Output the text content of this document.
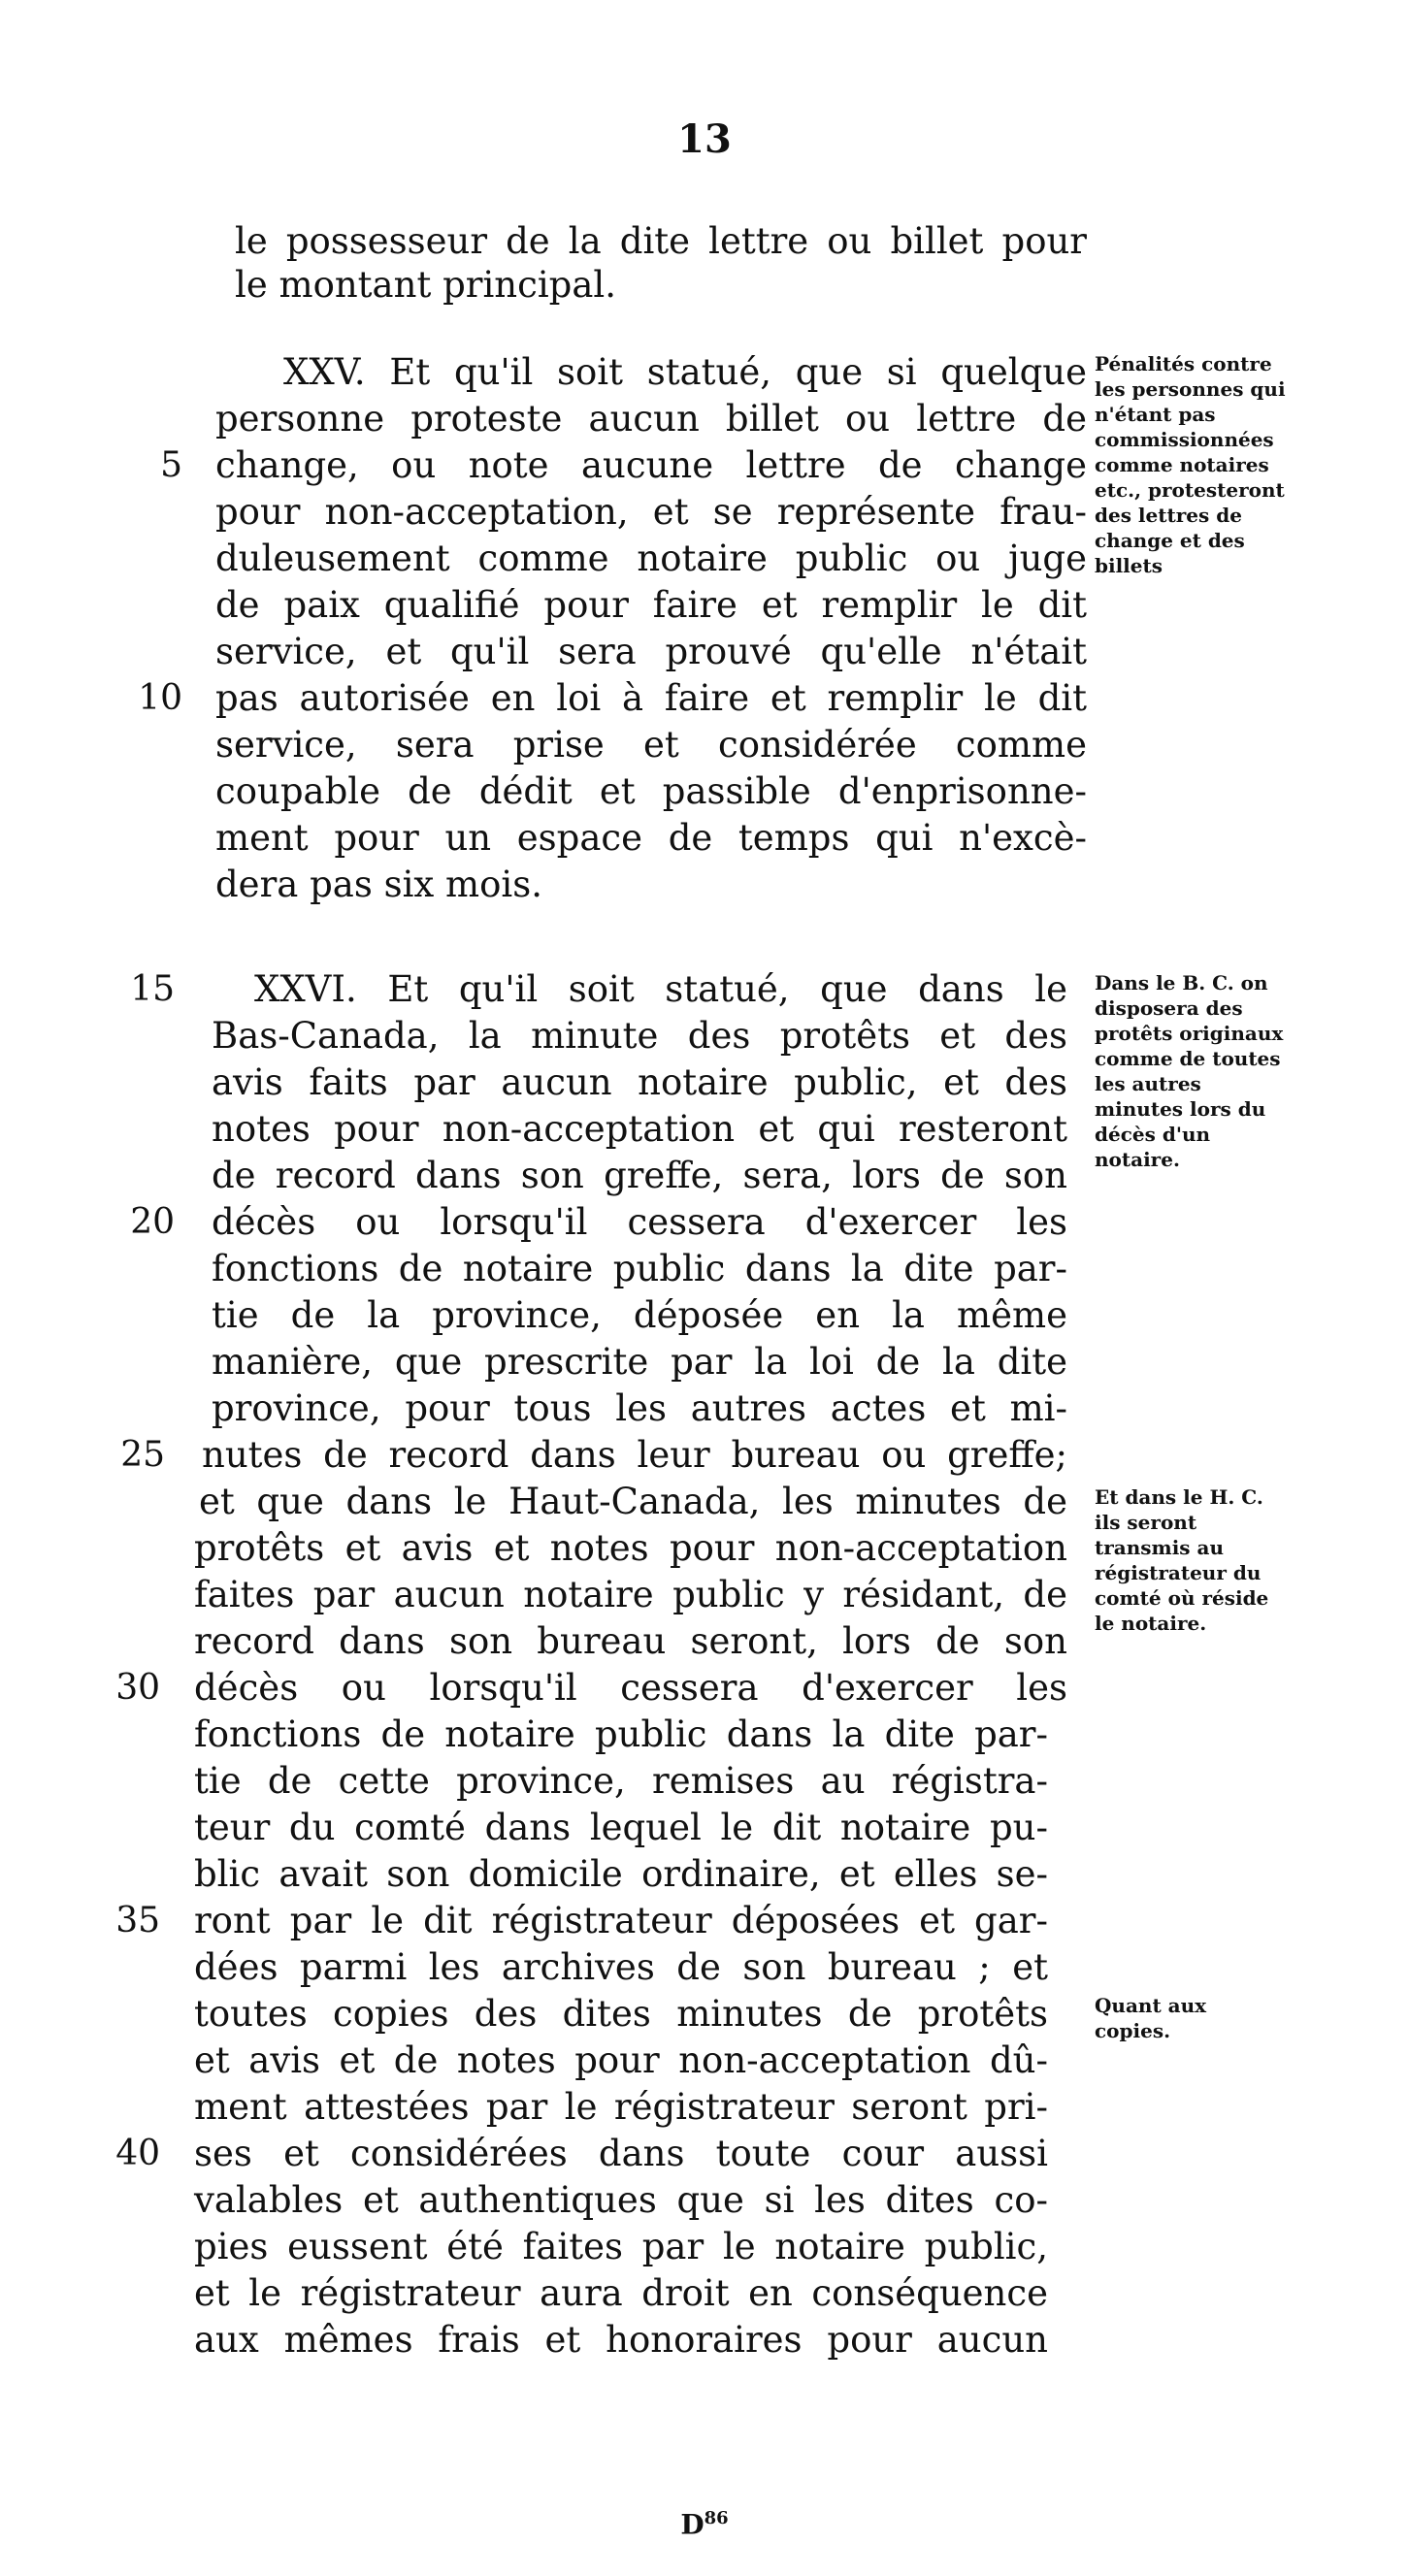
13
le possesseur de la dite lettre ou billet pour
le montant principal.
XXV. Et qu'il soit statué, que si quelque
personne proteste aucun billet ou lettre de
change, ou note aucune lettre de change
pour non-acceptation, et se représente frau-
duleusement comme notaire public ou juge
de paix qualifié pour faire et remplir le dit
service, et qu'il sera prouvé qu'elle n'était
pas autorisée en loi à faire et remplir le dit
service, sera prise et considérée comme
coupable de dédit et passible d'enprisonne-
ment pour un espace de temps qui n'excè-
dera pas six mois.
XXVI. Et qu'il soit statué, que dans le
Bas-Canada, la minute des protêts et des
avis faits par aucun notaire public, et des
notes pour non-acceptation et qui resteront
de record dans son greffe, sera, lors de son
décès ou lorsqu'il cessera d'exercer les
fonctions de notaire public dans la dite par-
tie de la province, déposée en la même
manière, que prescrite par la loi de la dite
province, pour tous les autres actes et mi-
nutes de record dans leur bureau ou greffe;
et que dans le Haut-Canada, les minutes de
protêts et avis et notes pour non-acceptation
faites par aucun notaire public y résidant, de
record dans son bureau seront, lors de son
décès ou lorsqu'il cessera d'exercer les
fonctions de notaire public dans la dite par-
tie de cette province, remises au régistra-
teur du comté dans lequel le dit notaire pu-
blic avait son domicile ordinaire, et elles se-
ront par le dit régistrateur déposées et gar-
dées parmi les archives de son bureau ; et
toutes copies des dites minutes de protêts
et avis et de notes pour non-acceptation dû-
ment attestées par le régistrateur seront pri-
ses et considérées dans toute cour aussi
valables et authentiques que si les dites co-
pies eussent été faites par le notaire public,
et le régistrateur aura droit en conséquence
aux mêmes frais et honoraires pour aucun
5
10
15
20
25
30
35
40
Pénalités contre les personnes qui n'étant pas commissionnées comme notaires etc., protesteront des lettres de change et des billets
Dans le B. C. on disposera des protêts originaux comme de toutes les autres minutes lors du décès d'un notaire.
Et dans le H. C. ils seront transmis au régistrateur du comté où réside le notaire.
Quant aux copies.
$D^{86}$
